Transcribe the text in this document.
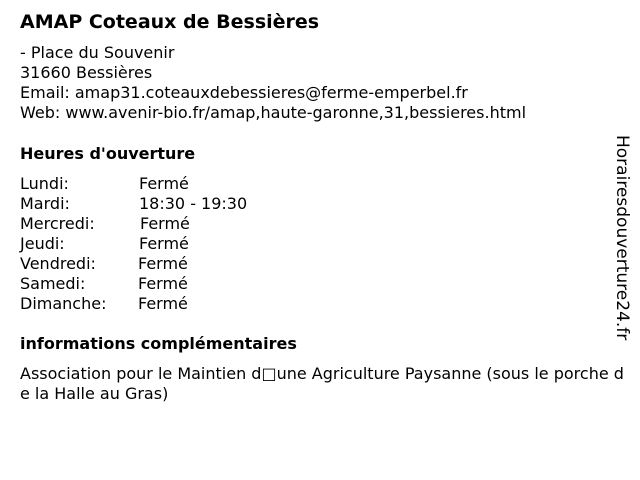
AMAP Coteaux de Bessières
- Place du Souvenir
31660 Bessières
Email: amap31.coteauxdebessieres@ferme-emperbel.fr
Web: www.avenir-bio.fr/amap,haute-garonne,31,bessieres.html
Heures d'ouverture
Lundi:	Fermé
Mardi:	18:30 - 19:30
Mercredi:	Fermé
Jeudi:	Fermé
Vendredi:	Fermé
Samedi:	Fermé
Dimanche:	Fermé
informations complémentaires
Association pour le Maintien d□une Agriculture Paysanne (sous le porche de la Halle au Gras)
Horairesdouverture24.fr
